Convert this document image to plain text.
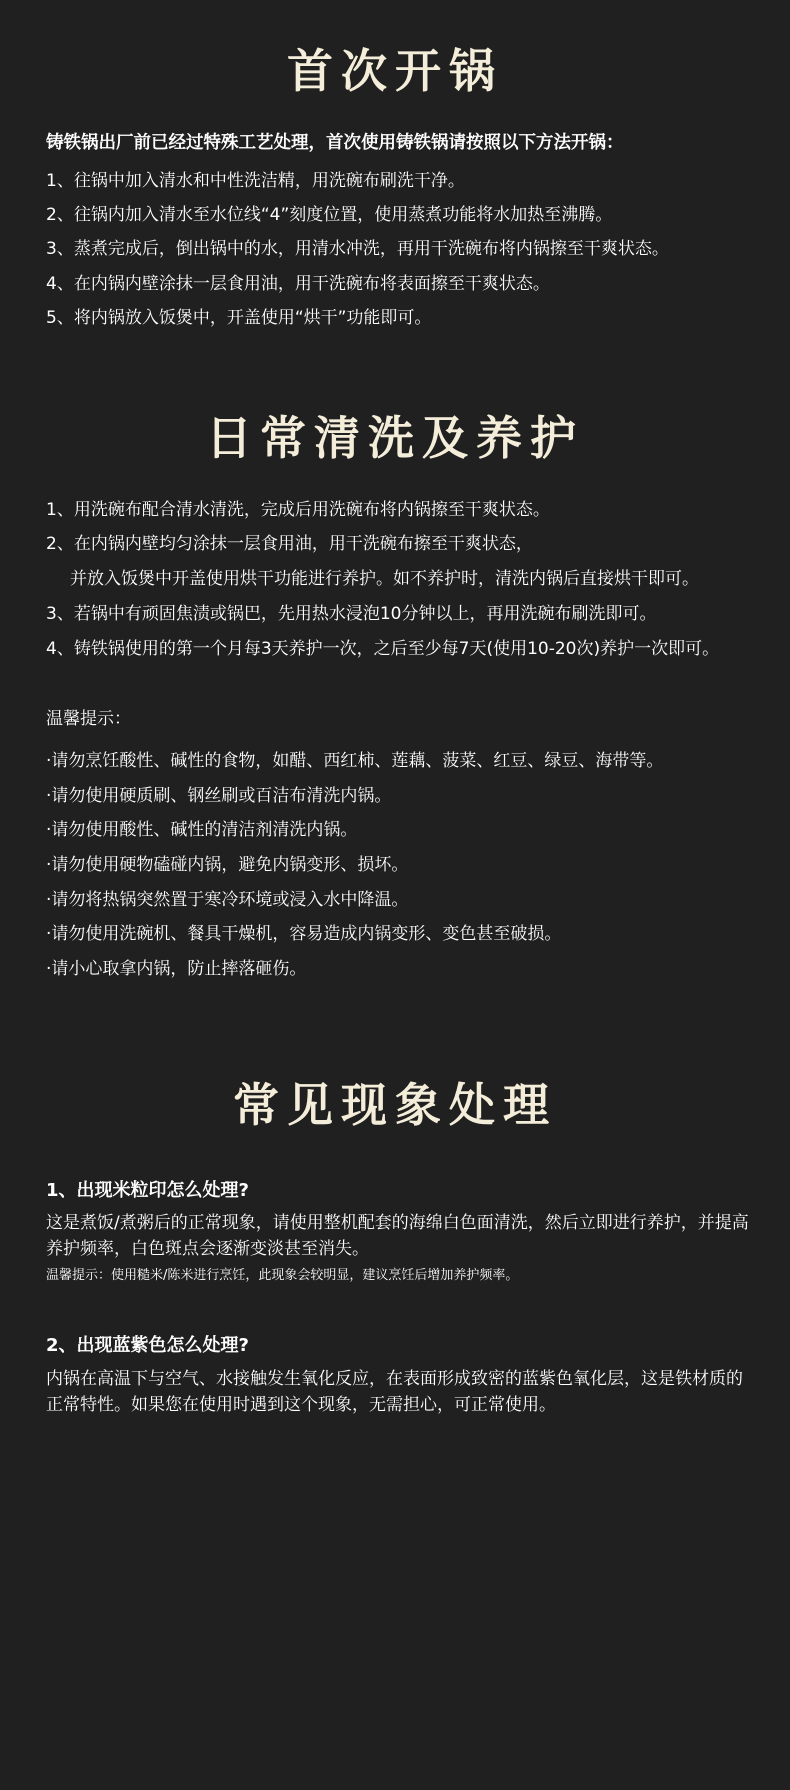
首次开锅

铸铁锅出厂前已经过特殊工艺处理，首次使用铸铁锅请按照以下方法开锅：

1、往锅中加入清水和中性洗洁精，用洗碗布刷洗干净。

2、往锅内加入清水至水位线“4”刻度位置，使用蒸煮功能将水加热至沸腾。

3、蒸煮完成后，倒出锅中的水，用清水冲洗，再用干洗碗布将内锅擦至干爽状态。

4、在内锅内壁涂抹一层食用油，用干洗碗布将表面擦至干爽状态。

5、将内锅放入饭煲中，开盖使用“烘干”功能即可。

日常清洗及养护

1、用洗碗布配合清水清洗，完成后用洗碗布将内锅擦至干爽状态。

2、在内锅内壁均匀涂抹一层食用油，用干洗碗布擦至干爽状态，

并放入饭煲中开盖使用烘干功能进行养护。如不养护时，清洗内锅后直接烘干即可。

3、若锅中有顽固焦渍或锅巴，先用热水浸泡10分钟以上，再用洗碗布刷洗即可。

4、铸铁锅使用的第一个月每3天养护一次，之后至少每7天(使用10-20次)养护一次即可。

温馨提示：

·请勿烹饪酸性、碱性的食物，如醋、西红柿、莲藕、菠菜、红豆、绿豆、海带等。

·请勿使用硬质刷、钢丝刷或百洁布清洗内锅。

·请勿使用酸性、碱性的清洁剂清洗内锅。

·请勿使用硬物磕碰内锅，避免内锅变形、损坏。

·请勿将热锅突然置于寒冷环境或浸入水中降温。

·请勿使用洗碗机、餐具干燥机，容易造成内锅变形、变色甚至破损。

·请小心取拿内锅，防止摔落砸伤。

常见现象处理

1、出现米粒印怎么处理?

这是煮饭/煮粥后的正常现象，请使用整机配套的海绵白色面清洗，然后立即进行养护，并提高养护频率，白色斑点会逐渐变淡甚至消失。

温馨提示：使用糙米/陈米进行烹饪，此现象会较明显，建议烹饪后增加养护频率。

2、出现蓝紫色怎么处理?

内锅在高温下与空气、水接触发生氧化反应，在表面形成致密的蓝紫色氧化层，这是铁材质的正常特性。如果您在使用时遇到这个现象，无需担心，可正常使用。
